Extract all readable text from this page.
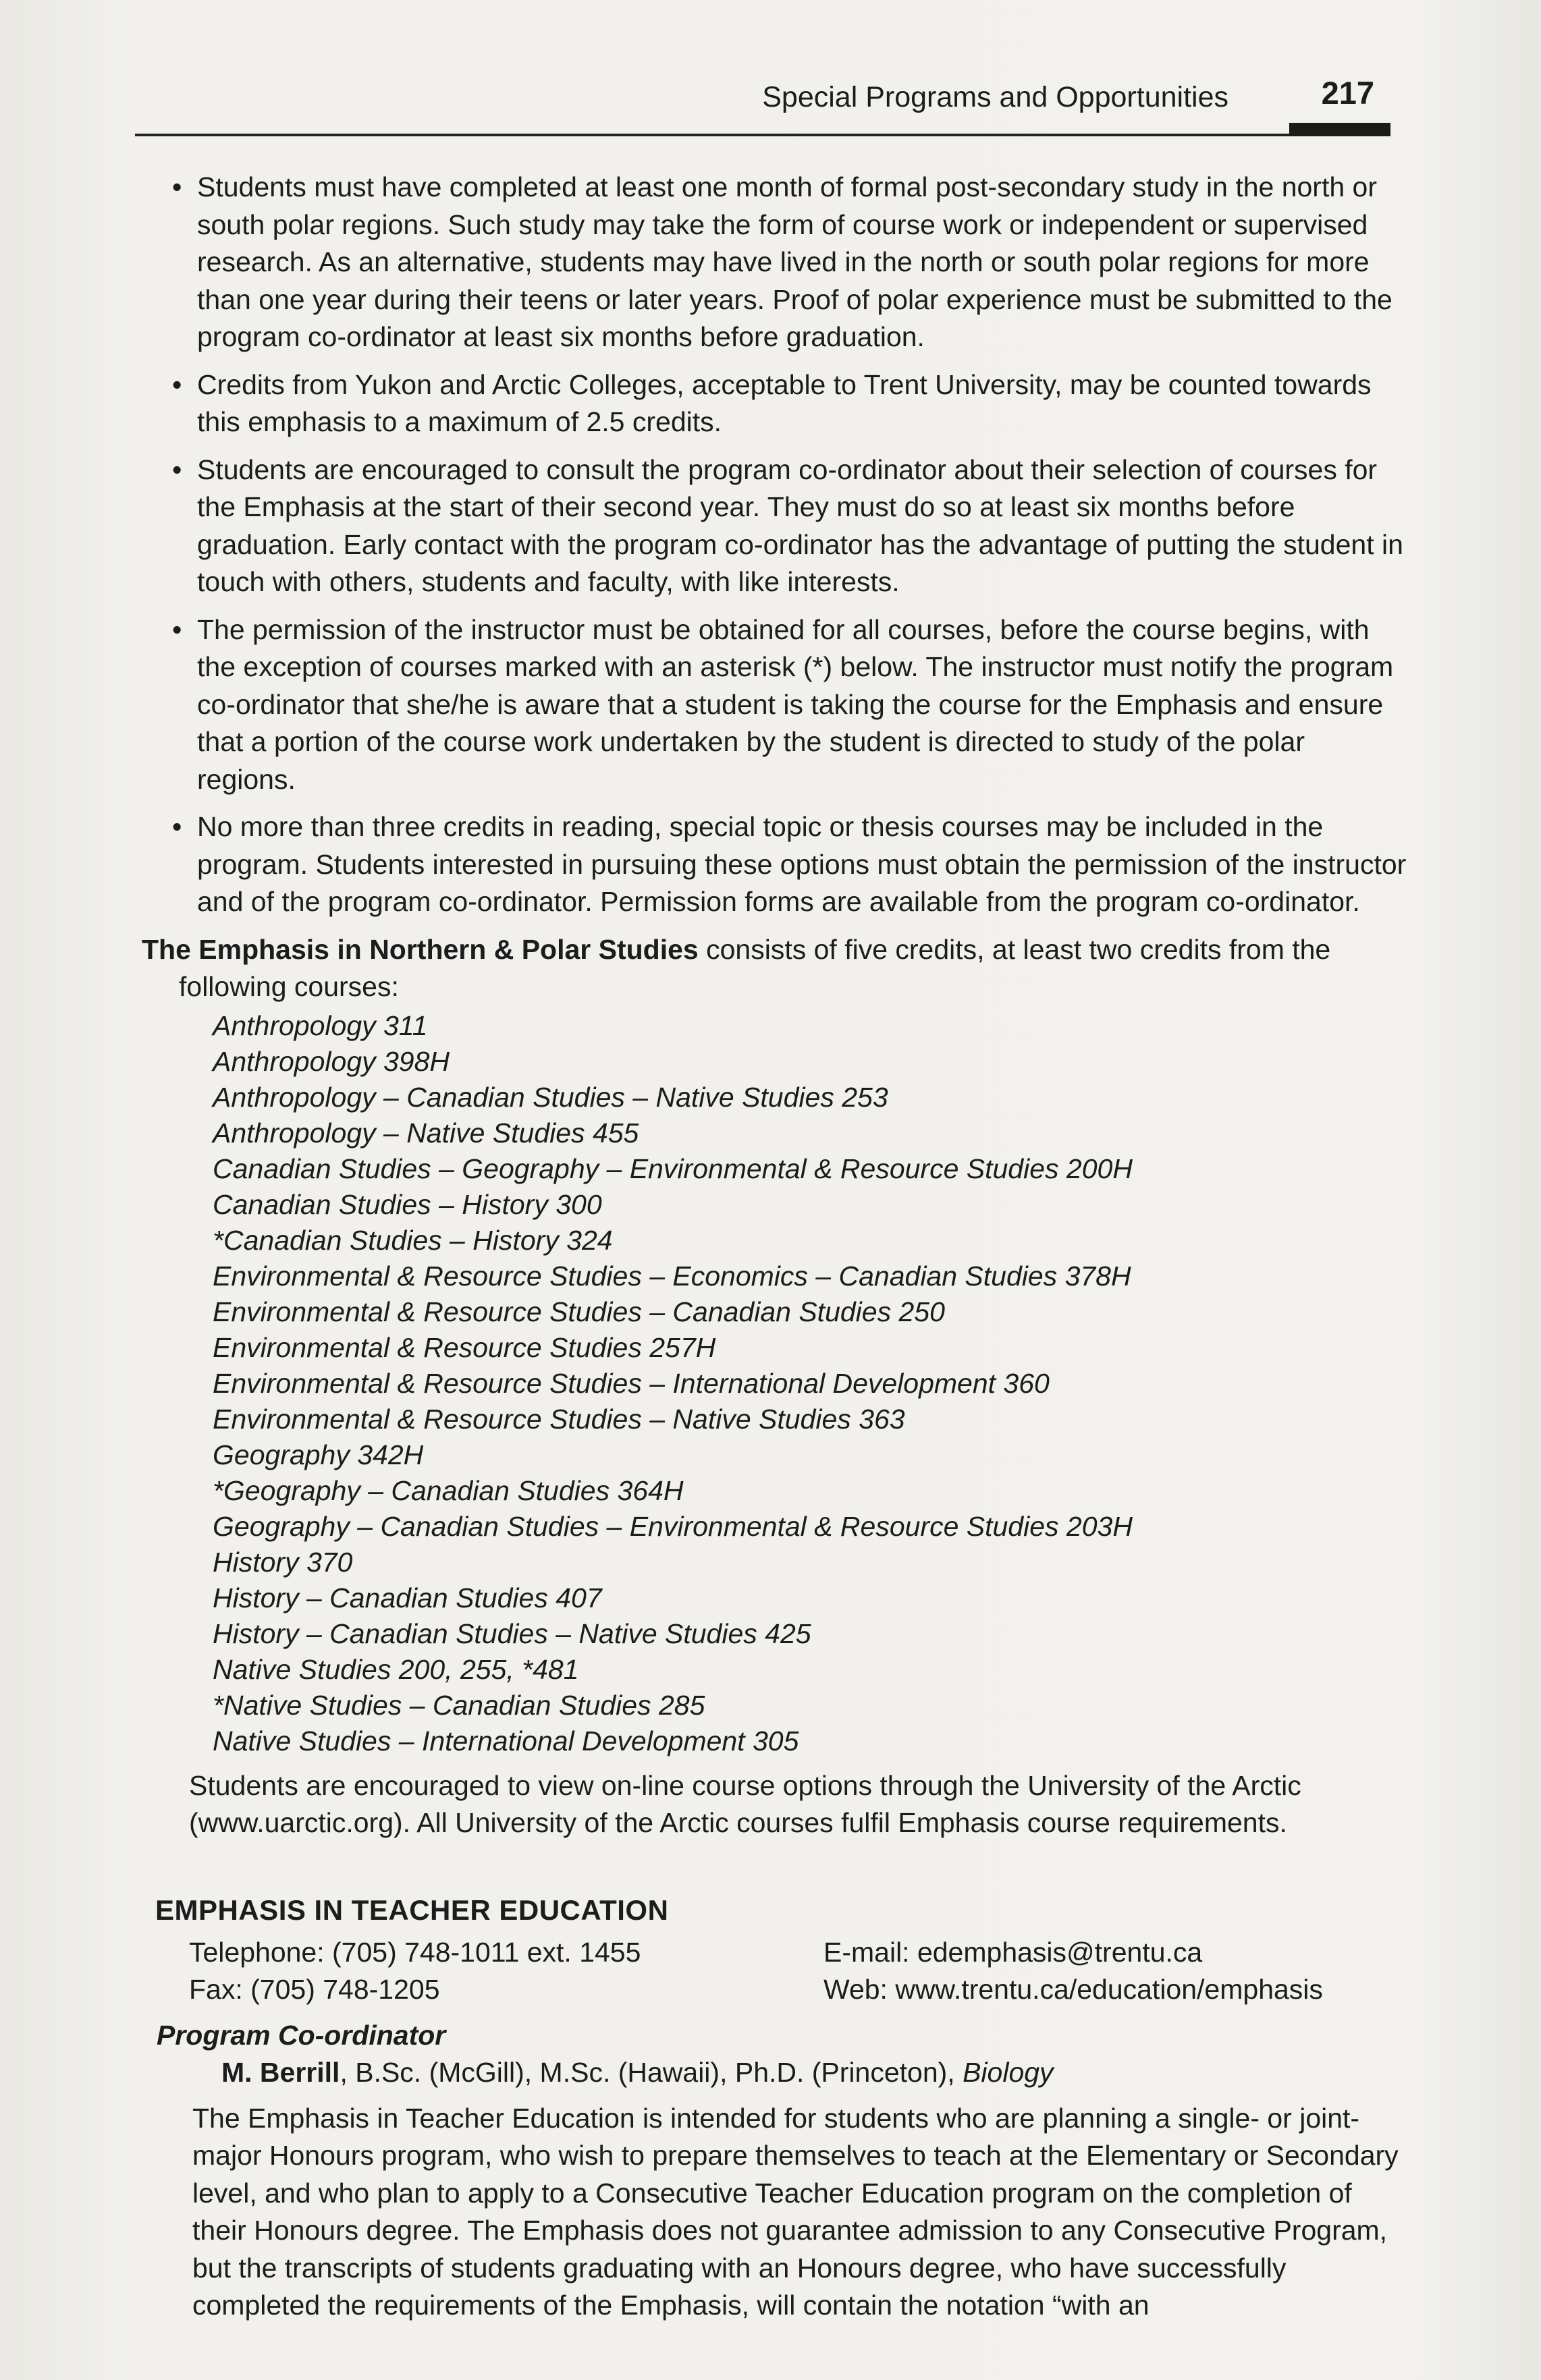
Special Programs and Opportunities	217
• Students must have completed at least one month of formal post-secondary study in the north or south polar regions. Such study may take the form of course work or independent or supervised research. As an alternative, students may have lived in the north or south polar regions for more than one year during their teens or later years. Proof of polar experience must be submitted to the program co-ordinator at least six months before graduation.
• Credits from Yukon and Arctic Colleges, acceptable to Trent University, may be counted towards this emphasis to a maximum of 2.5 credits.
• Students are encouraged to consult the program co-ordinator about their selection of courses for the Emphasis at the start of their second year. They must do so at least six months before graduation. Early contact with the program co-ordinator has the advantage of putting the student in touch with others, students and faculty, with like interests.
• The permission of the instructor must be obtained for all courses, before the course begins, with the exception of courses marked with an asterisk (*) below. The instructor must notify the program co-ordinator that she/he is aware that a student is taking the course for the Emphasis and ensure that a portion of the course work undertaken by the student is directed to study of the polar regions.
• No more than three credits in reading, special topic or thesis courses may be included in the program. Students interested in pursuing these options must obtain the permission of the instructor and of the program co-ordinator. Permission forms are available from the program co-ordinator.
The Emphasis in Northern & Polar Studies consists of five credits, at least two credits from the following courses:
Anthropology 311
Anthropology 398H
Anthropology – Canadian Studies – Native Studies 253
Anthropology – Native Studies 455
Canadian Studies – Geography – Environmental & Resource Studies 200H
Canadian Studies – History 300
*Canadian Studies – History 324
Environmental & Resource Studies – Economics – Canadian Studies 378H
Environmental & Resource Studies – Canadian Studies 250
Environmental & Resource Studies 257H
Environmental & Resource Studies – International Development 360
Environmental & Resource Studies – Native Studies 363
Geography 342H
*Geography – Canadian Studies 364H
Geography – Canadian Studies – Environmental & Resource Studies 203H
History 370
History – Canadian Studies 407
History – Canadian Studies – Native Studies 425
Native Studies 200, 255, *481
*Native Studies – Canadian Studies 285
Native Studies – International Development 305
Students are encouraged to view on-line course options through the University of the Arctic (www.uarctic.org). All University of the Arctic courses fulfil Emphasis course requirements.
EMPHASIS IN TEACHER EDUCATION
Telephone: (705) 748-1011 ext. 1455
Fax: (705) 748-1205
E-mail: edemphasis@trentu.ca
Web: www.trentu.ca/education/emphasis
Program Co-ordinator
M. Berrill, B.Sc. (McGill), M.Sc. (Hawaii), Ph.D. (Princeton), Biology
The Emphasis in Teacher Education is intended for students who are planning a single- or joint-major Honours program, who wish to prepare themselves to teach at the Elementary or Secondary level, and who plan to apply to a Consecutive Teacher Education program on the completion of their Honours degree. The Emphasis does not guarantee admission to any Consecutive Program, but the transcripts of students graduating with an Honours degree, who have successfully completed the requirements of the Emphasis, will contain the notation “with an
